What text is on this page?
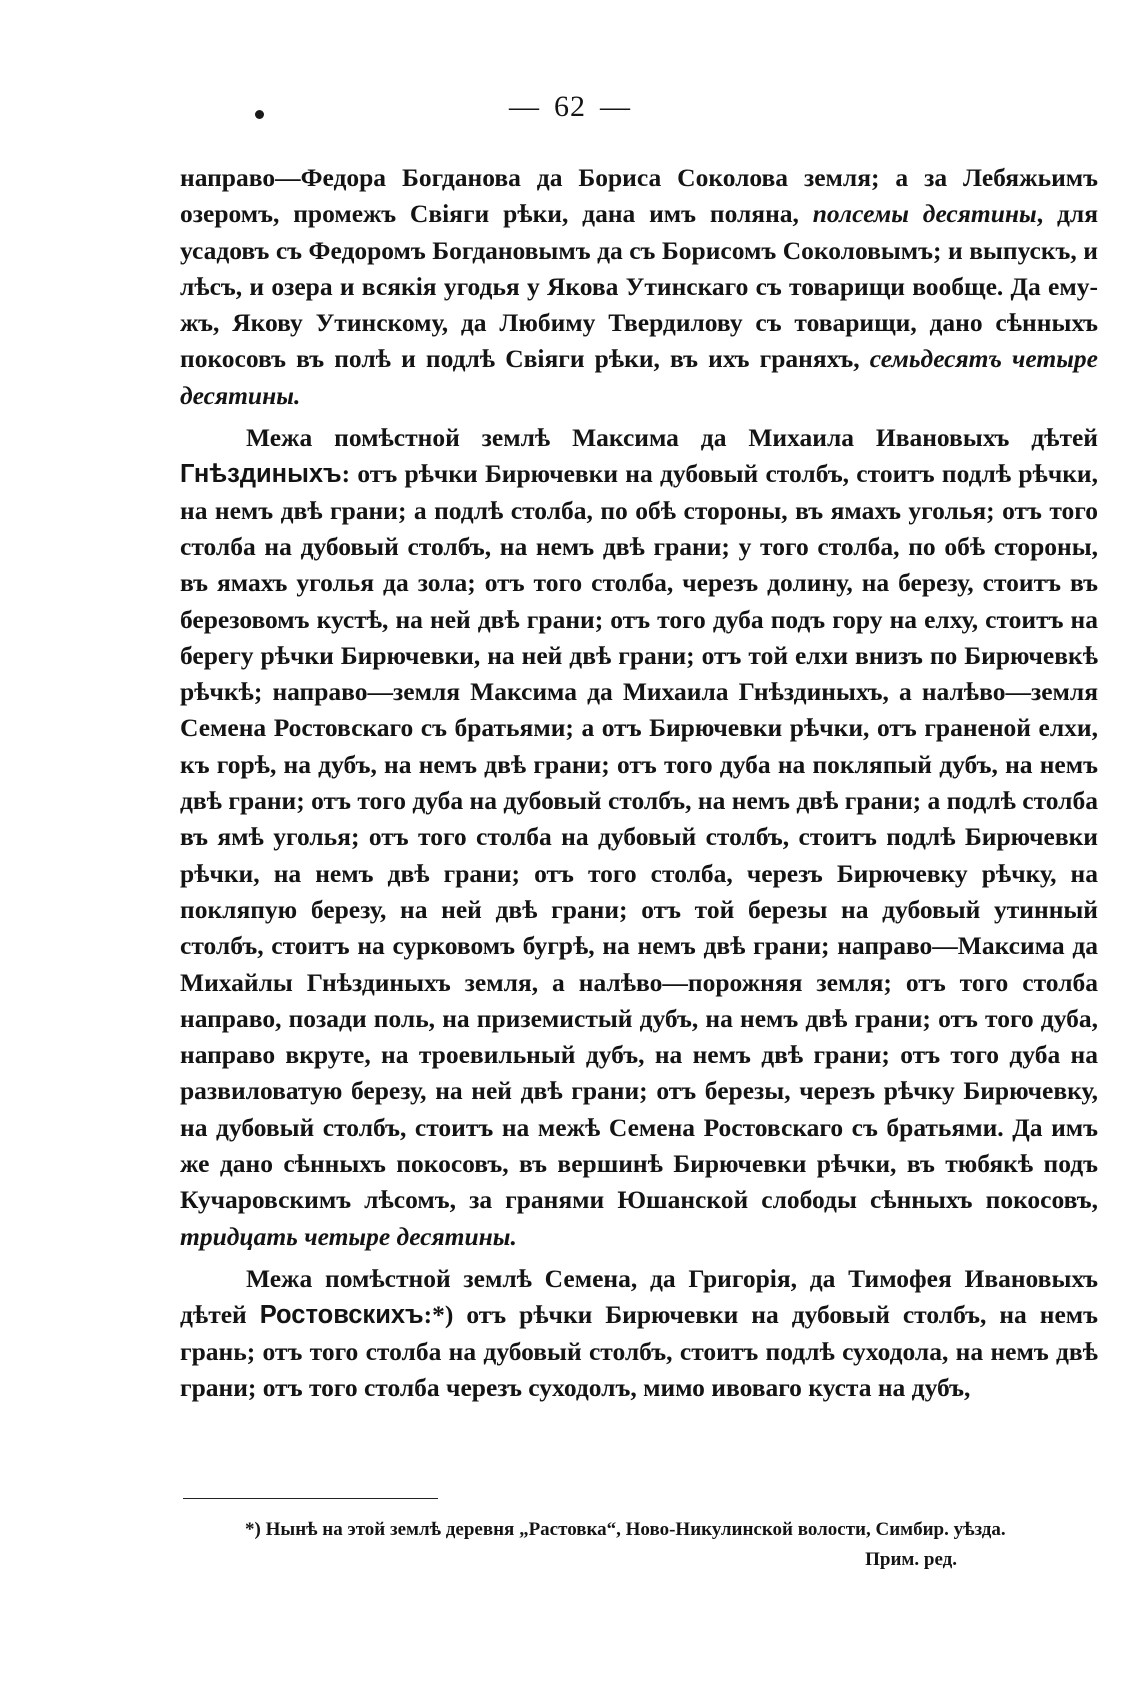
— 62 —

направо—Федора Богданова да Бориса Соколова земля; а за Лебяжьимъ озеромъ, промежъ Свіяги рѣки, дана имъ поляна, полсемы десятины, для усадовъ съ Федоромъ Богдановымъ да съ Борисомъ Соколовымъ; и выпускъ, и лѣсъ, и озера и всякія угодья у Якова Утинскаго съ товарищи вообще. Да ему-жъ, Якову Утинскому, да Любиму Твердилову съ товарищи, дано сѣнныхъ покосовъ въ полѣ и подлѣ Свіяги рѣки, въ ихъ граняхъ, семьдесятъ четыре десятины.

Межа помѣстной землѣ Максима да Михаила Ивановыхъ дѣтей Гнѣздиныхъ: отъ рѣчки Бирючевки на дубовый столбъ, стоитъ подлѣ рѣчки, на немъ двѣ грани; а подлѣ столба, по обѣ стороны, въ ямахъ уголья; отъ того столба на дубовый столбъ, на немъ двѣ грани; у того столба, по обѣ стороны, въ ямахъ уголья да зола; отъ того столба, черезъ долину, на березу, стоитъ въ березовомъ кустѣ, на ней двѣ грани; отъ того дуба подъ гору на елху, стоитъ на берегу рѣчки Бирючевки, на ней двѣ грани; отъ той елхи внизъ по Бирючевкѣ рѣчкѣ; направо—земля Максима да Михаила Гнѣздиныхъ, а налѣво—земля Семена Ростовскаго съ братьями; а отъ Бирючевки рѣчки, отъ граненой елхи, къ горѣ, на дубъ, на немъ двѣ грани; отъ того дуба на покляпый дубъ, на немъ двѣ грани; отъ того дуба на дубовый столбъ, на немъ двѣ грани; а подлѣ столба въ ямѣ уголья; отъ того столба на дубовый столбъ, стоитъ подлѣ Бирючевки рѣчки, на немъ двѣ грани; отъ того столба, черезъ Бирючевку рѣчку, на покляпую березу, на ней двѣ грани; отъ той березы на дубовый утинный столбъ, стоитъ на сурковомъ бугрѣ, на немъ двѣ грани; направо—Максима да Михайлы Гнѣздиныхъ земля, а налѣво—порожняя земля; отъ того столба направо, позади поль, на приземистый дубъ, на немъ двѣ грани; отъ того дуба, направо вкруте, на троевильный дубъ, на немъ двѣ грани; отъ того дуба на развиловатую березу, на ней двѣ грани; отъ березы, черезъ рѣчку Бирючевку, на дубовый столбъ, стоитъ на межѣ Семена Ростовскаго съ братьями. Да имъ же дано сѣнныхъ покосовъ, въ вершинѣ Бирючевки рѣчки, въ тюбякѣ подъ Кучаровскимъ лѣсомъ, за гранями Юшанской слободы сѣнныхъ покосовъ, тридцать четыре десятины.

Межа помѣстной землѣ Семена, да Григорія, да Тимофея Ивановыхъ дѣтей Ростовскихъ:*) отъ рѣчки Бирючевки на дубовый столбъ, на немъ грань; отъ того столба на дубовый столбъ, стоитъ подлѣ суходола, на немъ двѣ грани; отъ того столба черезъ суходолъ, мимо ивоваго куста на дубъ,

*) Нынѣ на этой землѣ деревня „Растовка“, Ново-Никулинской волости, Симбир. уѣзда.
Прим. ред.
